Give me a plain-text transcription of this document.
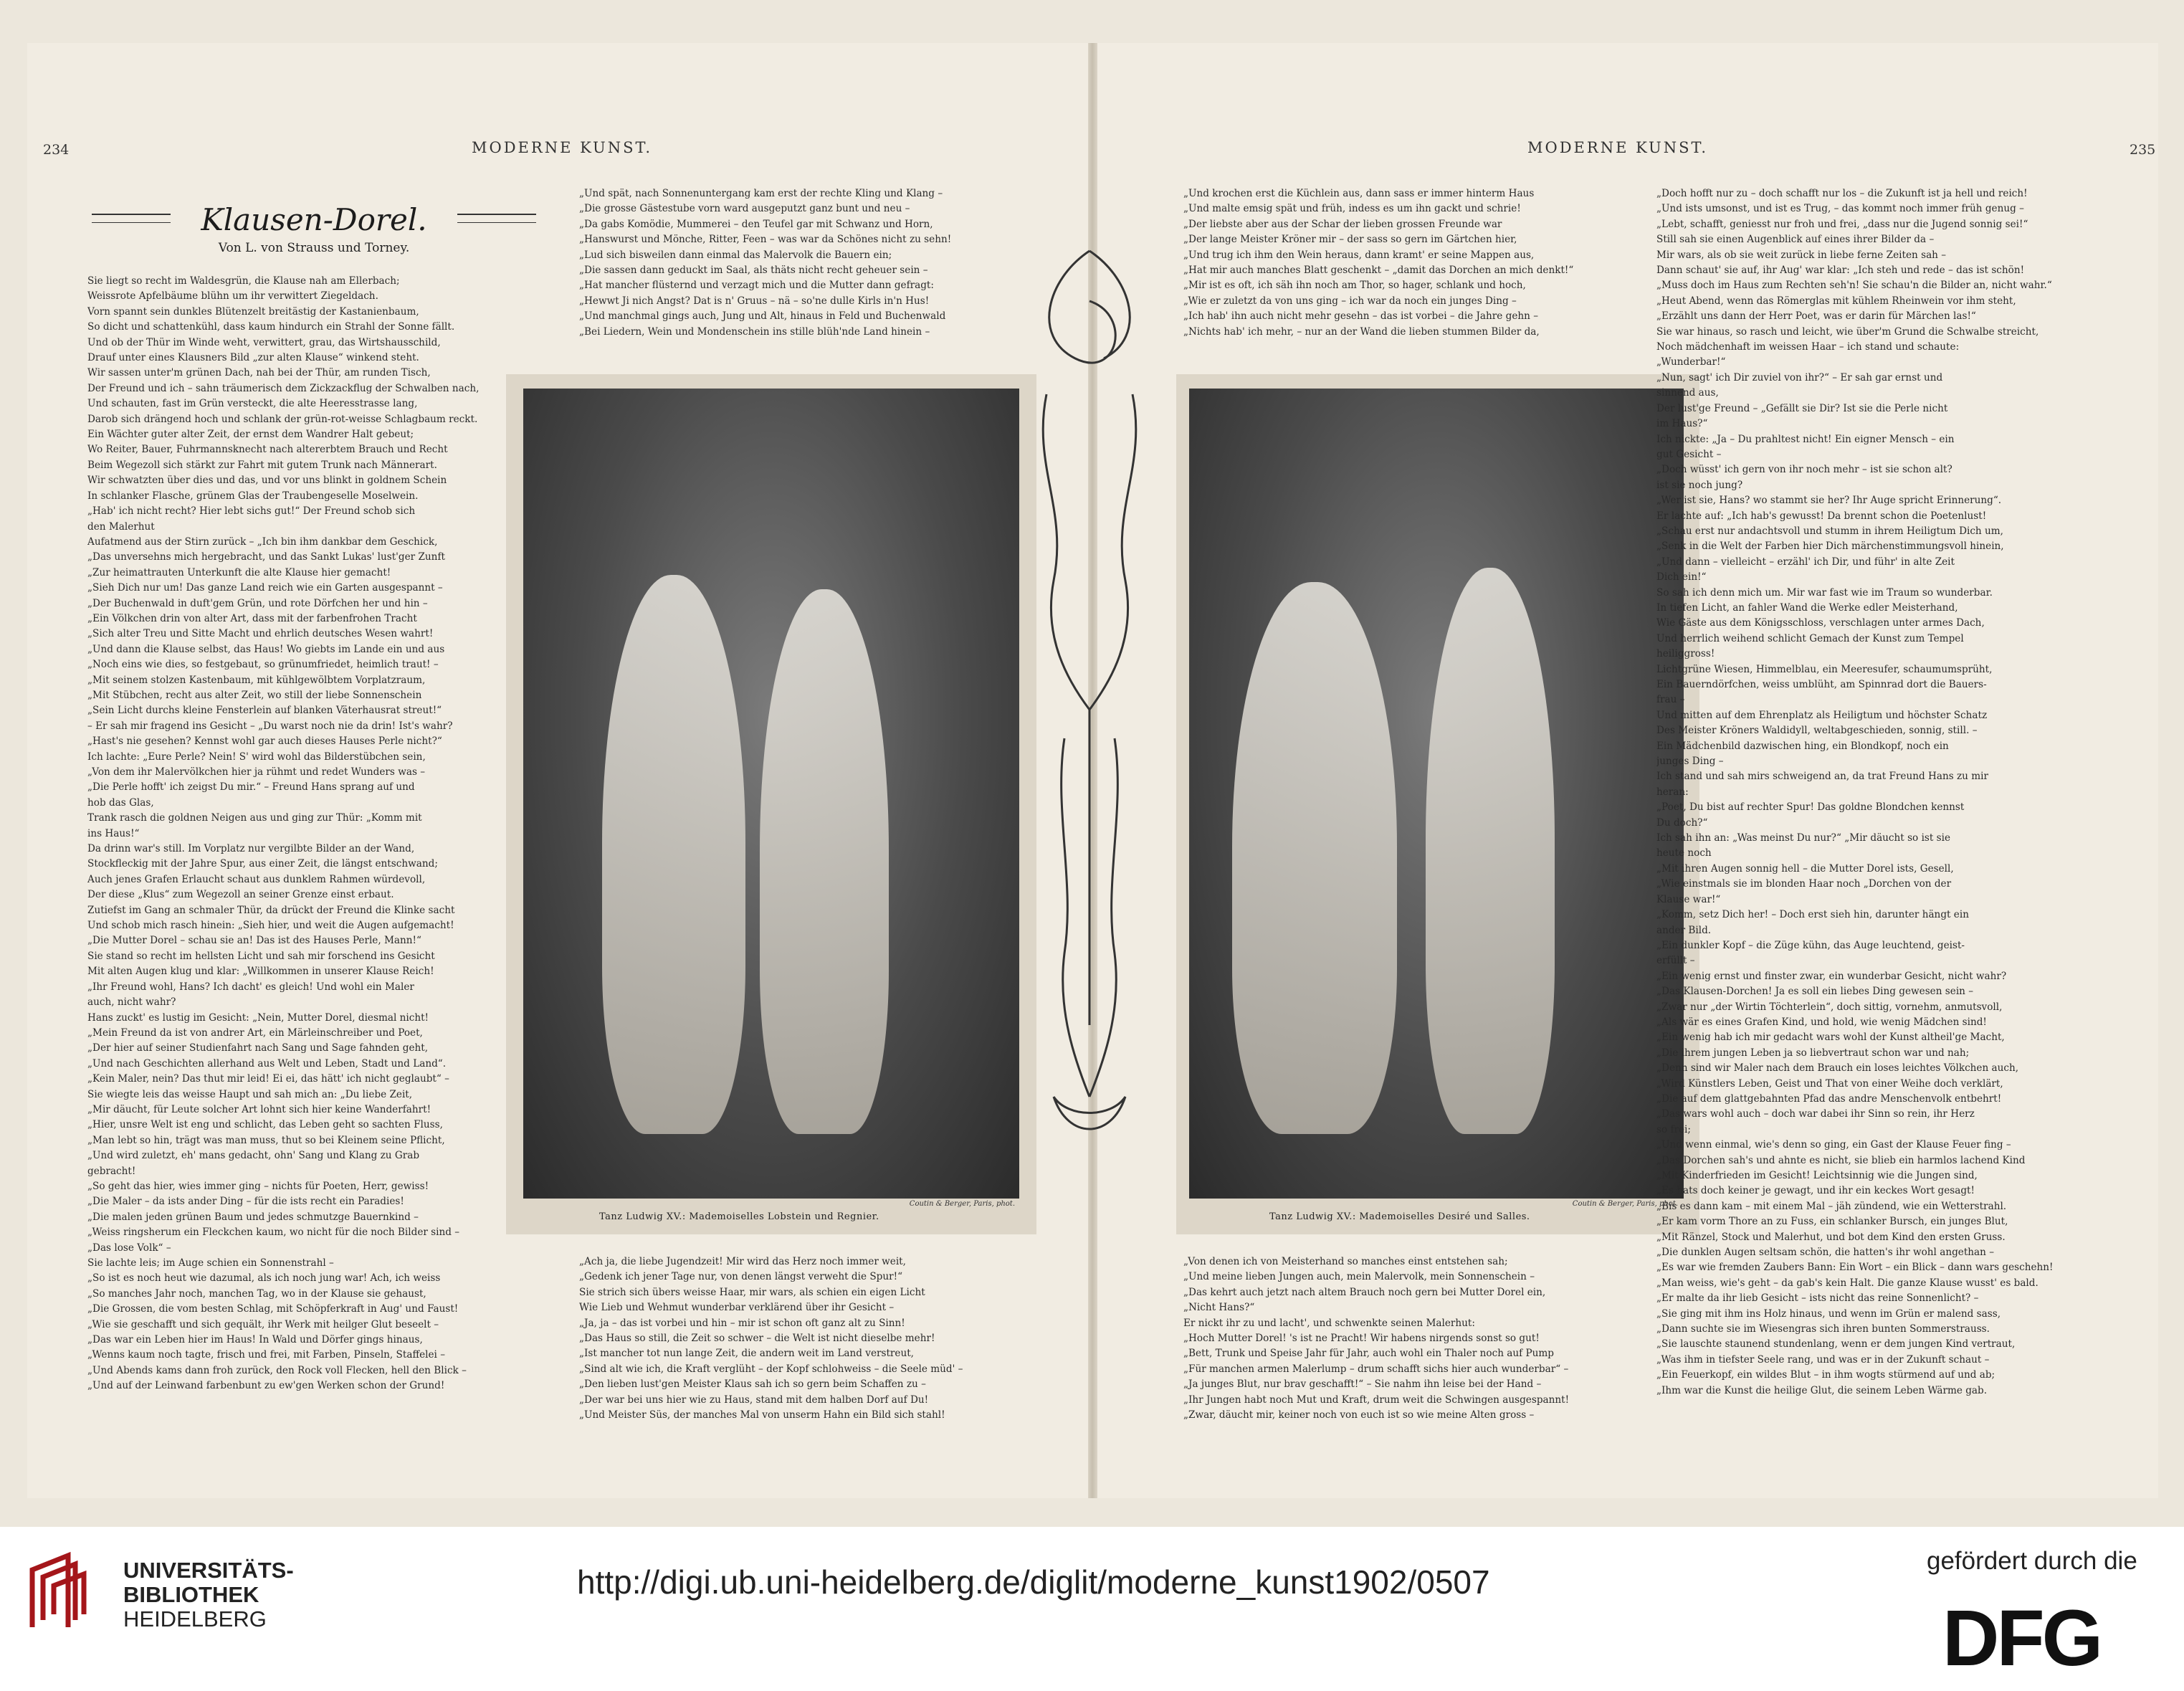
234	MODERNE KUNST.
Klausen-Dorel.
Von L. von Strauss und Torney.

Sie liegt so recht im Waldesgrün, die Klause nah am Ellerbach;

Weissrote Apfelbäume blühn um ihr verwittert Ziegeldach.

Vorn spannt sein dunkles Blütenzelt breitästig der Kastanienbaum,

So dicht und schattenkühl, dass kaum hindurch ein Strahl der Sonne fällt.

Und ob der Thür im Winde weht, verwittert, grau, das Wirtshausschild,

Drauf unter eines Klausners Bild „zur alten Klause“ winkend steht.

Wir sassen unter'm grünen Dach, nah bei der Thür, am runden Tisch,

Der Freund und ich – sahn träumerisch dem Zickzackflug der Schwalben nach,

Und schauten, fast im Grün versteckt, die alte Heeresstrasse lang,

Darob sich drängend hoch und schlank der grün-rot-weisse Schlagbaum reckt.

Ein Wächter guter alter Zeit, der ernst dem Wandrer Halt gebeut;

Wo Reiter, Bauer, Fuhrmannsknecht nach altererbtem Brauch und Recht

Beim Wegezoll sich stärkt zur Fahrt mit gutem Trunk nach Männerart.

Wir schwatzten über dies und das, und vor uns blinkt in goldnem Schein

In schlanker Flasche, grünem Glas der Traubengeselle Moselwein.

„Hab' ich nicht recht? Hier lebt sichs gut!“ Der Freund schob sich

den Malerhut

Aufatmend aus der Stirn zurück – „Ich bin ihm dankbar dem Geschick,

„Das unversehns mich hergebracht, und das Sankt Lukas' lust'ger Zunft

„Zur heimattrauten Unterkunft die alte Klause hier gemacht!

„Sieh Dich nur um! Das ganze Land reich wie ein Garten ausgespannt –

„Der Buchenwald in duft'gem Grün, und rote Dörfchen her und hin –

„Ein Völkchen drin von alter Art, dass mit der farbenfrohen Tracht

„Sich alter Treu und Sitte Macht und ehrlich deutsches Wesen wahrt!

„Und dann die Klause selbst, das Haus! Wo giebts im Lande ein und aus

„Noch eins wie dies, so festgebaut, so grünumfriedet, heimlich traut! –

„Mit seinem stolzen Kastenbaum, mit kühlgewölbtem Vorplatzraum,

„Mit Stübchen, recht aus alter Zeit, wo still der liebe Sonnenschein

„Sein Licht durchs kleine Fensterlein auf blanken Väterhausrat streut!“

– Er sah mir fragend ins Gesicht – „Du warst noch nie da drin! Ist's wahr?

„Hast's nie gesehen? Kennst wohl gar auch dieses Hauses Perle nicht?“

Ich lachte: „Eure Perle? Nein! S' wird wohl das Bilderstübchen sein,

„Von dem ihr Malervölkchen hier ja rühmt und redet Wunders was –

„Die Perle hofft' ich zeigst Du mir.“ – Freund Hans sprang auf und

hob das Glas,

Trank rasch die goldnen Neigen aus und ging zur Thür: „Komm mit

ins Haus!“

Da drinn war's still. Im Vorplatz nur vergilbte Bilder an der Wand,

Stockfleckig mit der Jahre Spur, aus einer Zeit, die längst entschwand;

Auch jenes Grafen Erlaucht schaut aus dunklem Rahmen würdevoll,

Der diese „Klus“ zum Wegezoll an seiner Grenze einst erbaut.

Zutiefst im Gang an schmaler Thür, da drückt der Freund die Klinke sacht

Und schob mich rasch hinein: „Sieh hier, und weit die Augen aufgemacht!

„Die Mutter Dorel – schau sie an! Das ist des Hauses Perle, Mann!“

Sie stand so recht im hellsten Licht und sah mir forschend ins Gesicht

Mit alten Augen klug und klar: „Willkommen in unserer Klause Reich!

„Ihr Freund wohl, Hans? Ich dacht' es gleich! Und wohl ein Maler

auch, nicht wahr?

Hans zuckt' es lustig im Gesicht: „Nein, Mutter Dorel, diesmal nicht!

„Mein Freund da ist von andrer Art, ein Märleinschreiber und Poet,

„Der hier auf seiner Studienfahrt nach Sang und Sage fahnden geht,

„Und nach Geschichten allerhand aus Welt und Leben, Stadt und Land“.

„Kein Maler, nein? Das thut mir leid! Ei ei, das hätt' ich nicht geglaubt“ –

Sie wiegte leis das weisse Haupt und sah mich an: „Du liebe Zeit,

„Mir däucht, für Leute solcher Art lohnt sich hier keine Wanderfahrt!

„Hier, unsre Welt ist eng und schlicht, das Leben geht so sachten Fluss,

„Man lebt so hin, trägt was man muss, thut so bei Kleinem seine Pflicht,

„Und wird zuletzt, eh' mans gedacht, ohn' Sang und Klang zu Grab

gebracht!

„So geht das hier, wies immer ging – nichts für Poeten, Herr, gewiss!

„Die Maler – da ists ander Ding – für die ists recht ein Paradies!

„Die malen jeden grünen Baum und jedes schmutzge Bauernkind –

„Weiss ringsherum ein Fleckchen kaum, wo nicht für die noch Bilder sind –

„Das lose Volk“ –

Sie lachte leis; im Auge schien ein Sonnenstrahl –

„So ist es noch heut wie dazumal, als ich noch jung war! Ach, ich weiss

„So manches Jahr noch, manchen Tag, wo in der Klause sie gehaust,

„Die Grossen, die vom besten Schlag, mit Schöpferkraft in Aug' und Faust!

„Wie sie geschafft und sich gequält, ihr Werk mit heilger Glut beseelt –

„Das war ein Leben hier im Haus! In Wald und Dörfer gings hinaus,

„Wenns kaum noch tagte, frisch und frei, mit Farben, Pinseln, Staffelei –

„Und Abends kams dann froh zurück, den Rock voll Flecken, hell den Blick –

„Und auf der Leinwand farbenbunt zu ew'gen Werken schon der Grund!

„Und spät, nach Sonnenuntergang kam erst der rechte Kling und Klang –

„Die grosse Gästestube vorn ward ausgeputzt ganz bunt und neu –

„Da gabs Komödie, Mummerei – den Teufel gar mit Schwanz und Horn,

„Hanswurst und Mönche, Ritter, Feen – was war da Schönes nicht zu sehn!

„Lud sich bisweilen dann einmal das Malervolk die Bauern ein;

„Die sassen dann geduckt im Saal, als thäts nicht recht geheuer sein –

„Hat mancher flüsternd und verzagt mich und die Mutter dann gefragt:

„Hewwt Ji nich Angst? Dat is n' Gruus – nä – so'ne dulle Kirls in'n Hus!

„Und manchmal gings auch, Jung und Alt, hinaus in Feld und Buchenwald

„Bei Liedern, Wein und Mondenschein ins stille blüh'nde Land hinein –

Coutin & Berger, Paris, phot.
Tanz Ludwig XV.: Mademoiselles Lobstein und Regnier.

„Ach ja, die liebe Jugendzeit! Mir wird das Herz noch immer weit,

„Gedenk ich jener Tage nur, von denen längst verweht die Spur!“

Sie strich sich übers weisse Haar, mir wars, als schien ein eigen Licht

Wie Lieb und Wehmut wunderbar verklärend über ihr Gesicht –

„Ja, ja – das ist vorbei und hin – mir ist schon oft ganz alt zu Sinn!

„Das Haus so still, die Zeit so schwer – die Welt ist nicht dieselbe mehr!

„Ist mancher tot nun lange Zeit, die andern weit im Land verstreut,

„Sind alt wie ich, die Kraft verglüht – der Kopf schlohweiss – die Seele müd' –

„Den lieben lust'gen Meister Klaus sah ich so gern beim Schaffen zu –

„Der war bei uns hier wie zu Haus, stand mit dem halben Dorf auf Du!

„Und Meister Süs, der manches Mal von unserm Hahn ein Bild sich stahl!

MODERNE KUNST.	235

„Und krochen erst die Küchlein aus, dann sass er immer hinterm Haus

„Und malte emsig spät und früh, indess es um ihn gackt und schrie!

„Der liebste aber aus der Schar der lieben grossen Freunde war

„Der lange Meister Kröner mir – der sass so gern im Gärtchen hier,

„Und trug ich ihm den Wein heraus, dann kramt' er seine Mappen aus,

„Hat mir auch manches Blatt geschenkt – „damit das Dorchen an mich denkt!“

„Mir ist es oft, ich säh ihn noch am Thor, so hager, schlank und hoch,

„Wie er zuletzt da von uns ging – ich war da noch ein junges Ding –

„Ich hab' ihn auch nicht mehr gesehn – das ist vorbei – die Jahre gehn –

„Nichts hab' ich mehr, – nur an der Wand die lieben stummen Bilder da,

Coutin & Berger, Paris, phot.
Tanz Ludwig XV.: Mademoiselles Desiré und Salles.

„Von denen ich von Meisterhand so manches einst entstehen sah;

„Und meine lieben Jungen auch, mein Malervolk, mein Sonnenschein –

„Das kehrt auch jetzt nach altem Brauch noch gern bei Mutter Dorel ein,

„Nicht Hans?“

Er nickt ihr zu und lacht', und schwenkte seinen Malerhut:

„Hoch Mutter Dorel! 's ist ne Pracht! Wir habens nirgends sonst so gut!

„Bett, Trunk und Speise Jahr für Jahr, auch wohl ein Thaler noch auf Pump

„Für manchen armen Malerlump – drum schafft sichs hier auch wunderbar“ –

„Ja junges Blut, nur brav geschafft!“ – Sie nahm ihn leise bei der Hand –

„Ihr Jungen habt noch Mut und Kraft, drum weit die Schwingen ausgespannt!

„Zwar, däucht mir, keiner noch von euch ist so wie meine Alten gross –

„Doch hofft nur zu – doch schafft nur los – die Zukunft ist ja hell und reich!

„Und ists umsonst, und ist es Trug, – das kommt noch immer früh genug –

„Lebt, schafft, geniesst nur froh und frei, „dass nur die Jugend sonnig sei!“

Still sah sie einen Augenblick auf eines ihrer Bilder da –

Mir wars, als ob sie weit zurück in liebe ferne Zeiten sah –

Dann schaut' sie auf, ihr Aug' war klar: „Ich steh und rede – das ist schön!

„Muss doch im Haus zum Rechten seh'n! Sie schau'n die Bilder an, nicht wahr.“

„Heut Abend, wenn das Römerglas mit kühlem Rheinwein vor ihm steht,

„Erzählt uns dann der Herr Poet, was er darin für Märchen las!“

Sie war hinaus, so rasch und leicht, wie über'm Grund die Schwalbe streicht,

Noch mädchenhaft im weissen Haar – ich stand und schaute:

„Wunderbar!“

„Nun, sagt' ich Dir zuviel von ihr?“ – Er sah gar ernst und

sinnend aus,

Der lust'ge Freund – „Gefällt sie Dir? Ist sie die Perle nicht

im Haus?“

Ich nickte: „Ja – Du prahltest nicht! Ein eigner Mensch – ein

gut Gesicht –

„Doch wüsst' ich gern von ihr noch mehr – ist sie schon alt?

ist sie noch jung?

„Wer ist sie, Hans? wo stammt sie her? Ihr Auge spricht Erinnerung“.

Er lachte auf: „Ich hab's gewusst! Da brennt schon die Poetenlust!

„Schau erst nur andachtsvoll und stumm in ihrem Heiligtum Dich um,

„Senk in die Welt der Farben hier Dich märchenstimmungsvoll hinein,

„Und dann – vielleicht – erzähl' ich Dir, und führ' in alte Zeit

Dich ein!“

So sah ich denn mich um. Mir war fast wie im Traum so wunderbar.

In tiefen Licht, an fahler Wand die Werke edler Meisterhand,

Wie Gäste aus dem Königsschloss, verschlagen unter armes Dach,

Und herrlich weihend schlicht Gemach der Kunst zum Tempel

heiliggross!

Lichtgrüne Wiesen, Himmelblau, ein Meeresufer, schaumumsprüht,

Ein Bauerndörfchen, weiss umblüht, am Spinnrad dort die Bauers-

frau –

Und mitten auf dem Ehrenplatz als Heiligtum und höchster Schatz

Des Meister Kröners Waldidyll, weltabgeschieden, sonnig, still. –

Ein Mädchenbild dazwischen hing, ein Blondkopf, noch ein

junges Ding –

Ich stand und sah mirs schweigend an, da trat Freund Hans zu mir

heran:

„Poet, Du bist auf rechter Spur! Das goldne Blondchen kennst

Du doch?“

Ich sah ihn an: „Was meinst Du nur?“ „Mir däucht so ist sie

heute noch

„Mit ihren Augen sonnig hell – die Mutter Dorel ists, Gesell,

„Wie einstmals sie im blonden Haar noch „Dorchen von der

Klause war!“

„Komm, setz Dich her! – Doch erst sieh hin, darunter hängt ein

ander Bild.

„Ein dunkler Kopf – die Züge kühn, das Auge leuchtend, geist-

erfüllt –

„Ein wenig ernst und finster zwar, ein wunderbar Gesicht, nicht wahr?

„Das Klausen-Dorchen! Ja es soll ein liebes Ding gewesen sein –

„Zwar nur „der Wirtin Töchterlein“, doch sittig, vornehm, anmutsvoll,

„Als wär es eines Grafen Kind, und hold, wie wenig Mädchen sind!

„Ein wenig hab ich mir gedacht wars wohl der Kunst altheil'ge Macht,

„Die ihrem jungen Leben ja so liebvertraut schon war und nah;

„Denn sind wir Maler nach dem Brauch ein loses leichtes Völkchen auch,

„Wird Künstlers Leben, Geist und That von einer Weihe doch verklärt,

„Die auf dem glattgebahnten Pfad das andre Menschenvolk entbehrt!

„Das wars wohl auch – doch war dabei ihr Sinn so rein, ihr Herz

so frei;

„Und wenn einmal, wie's denn so ging, ein Gast der Klause Feuer fing –

„Das Dorchen sah's und ahnte es nicht, sie blieb ein harmlos lachend Kind

„Mit Kinderfrieden im Gesicht! Leichtsinnig wie die Jungen sind,

„Es hats doch keiner je gewagt, und ihr ein keckes Wort gesagt!

„Bis es dann kam – mit einem Mal – jäh zündend, wie ein Wetterstrahl.

„Er kam vorm Thore an zu Fuss, ein schlanker Bursch, ein junges Blut,

„Mit Ränzel, Stock und Malerhut, und bot dem Kind den ersten Gruss.

„Die dunklen Augen seltsam schön, die hatten's ihr wohl angethan –

„Es war wie fremden Zaubers Bann: Ein Wort – ein Blick – dann wars geschehn!

„Man weiss, wie's geht – da gab's kein Halt. Die ganze Klause wusst' es bald.

„Er malte da ihr lieb Gesicht – ists nicht das reine Sonnenlicht? –

„Sie ging mit ihm ins Holz hinaus, und wenn im Grün er malend sass,

„Dann suchte sie im Wiesengras sich ihren bunten Sommerstrauss.

„Sie lauschte staunend stundenlang, wenn er dem jungen Kind vertraut,

„Was ihm in tiefster Seele rang, und was er in der Zukunft schaut –

„Ein Feuerkopf, ein wildes Blut – in ihm wogts stürmend auf und ab;

„Ihm war die Kunst die heilige Glut, die seinem Leben Wärme gab.

UNIVERSITÄTS-
BIBLIOTHEK
HEIDELBERG
http://digi.ub.uni-heidelberg.de/diglit/moderne_kunst1902/0507
gefördert durch die
DFG
